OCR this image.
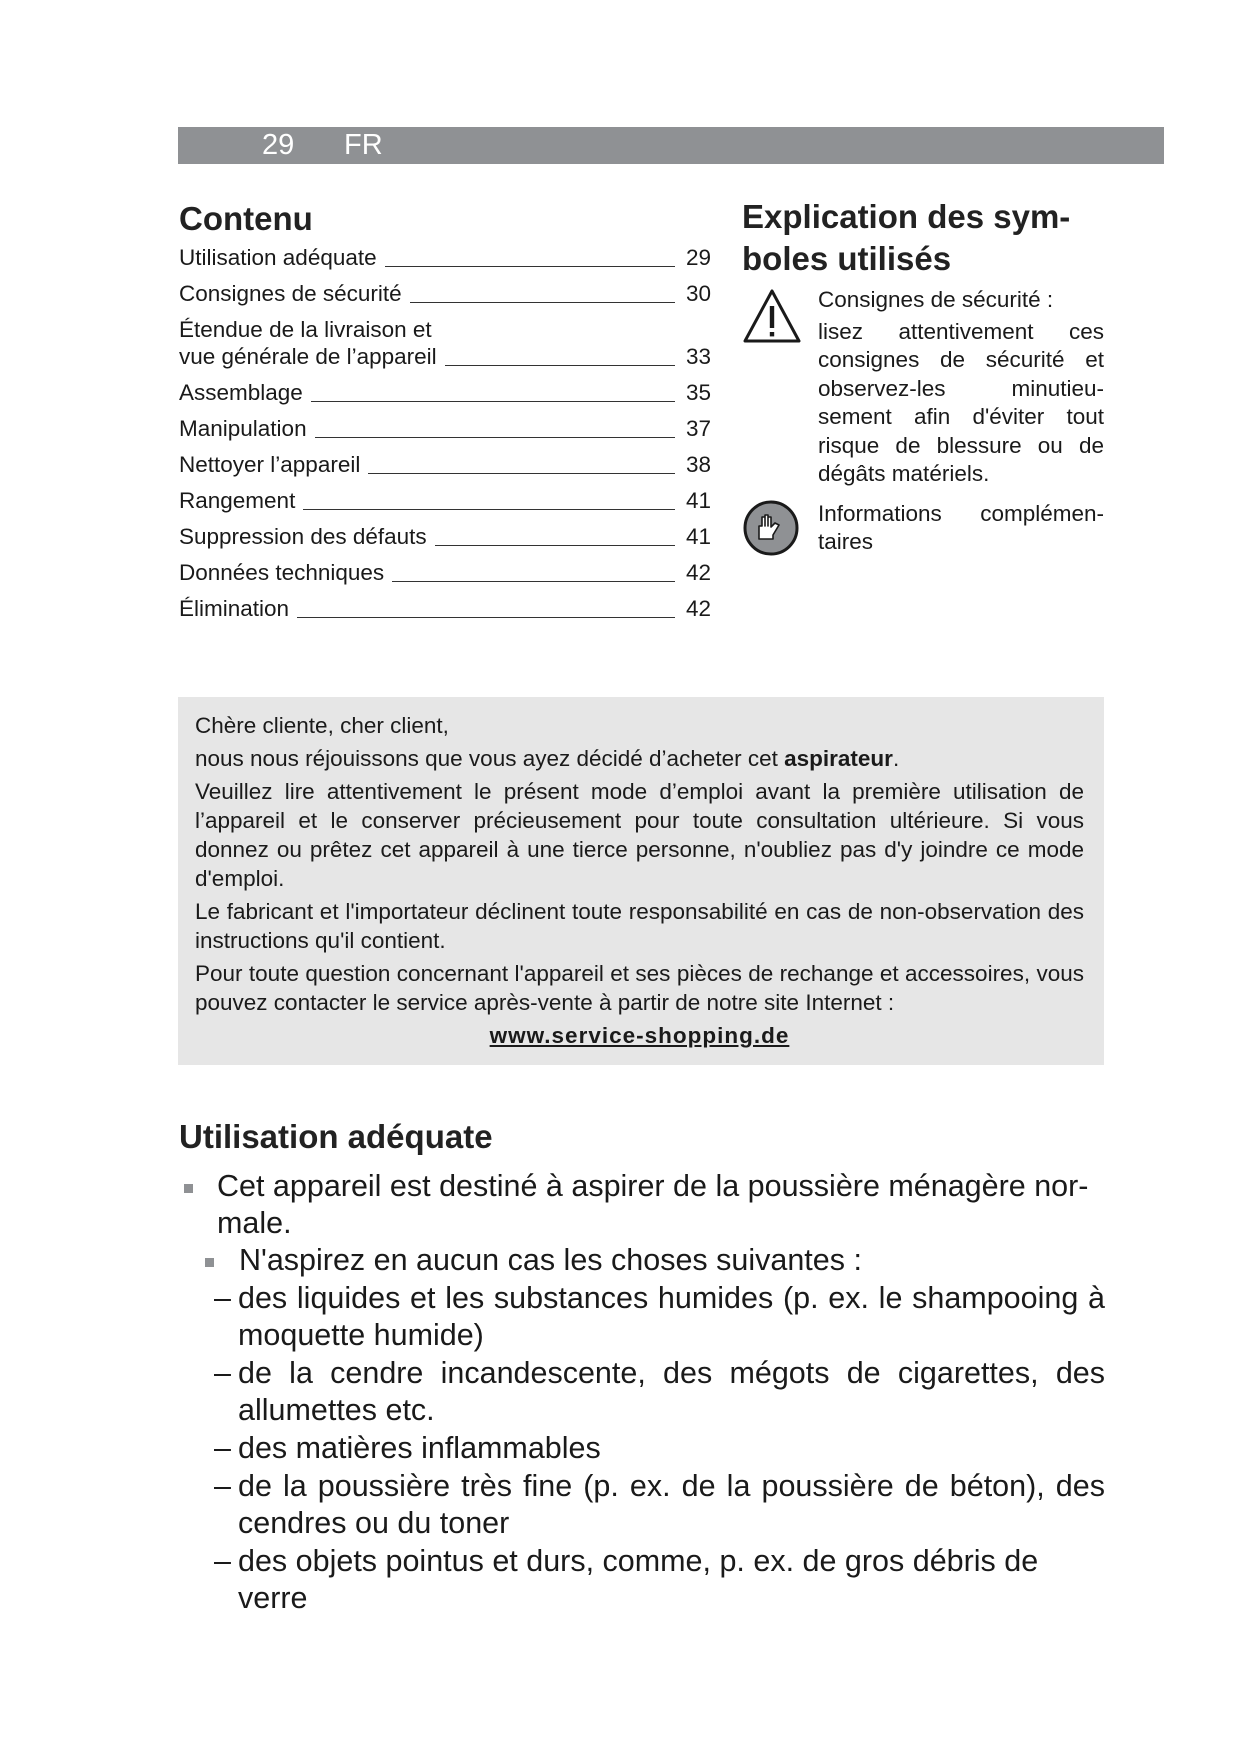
29 FR
Contenu
Utilisation adéquate	29
Consignes de sécurité	30
Étendue de la livraison et
vue générale de l’appareil	33
Assemblage	35
Manipulation	37
Nettoyer l’appareil	38
Rangement	41
Suppression des défauts	41
Données techniques	42
Élimination	42
Explication des sym-
boles utilisés
Consignes de sécurité :
lisez attentivement ces consignes de sécurité et observez-les minutieu-sement afin d'éviter tout risque de blessure ou de dégâts matériels.
Informations complémen-taires

Chère cliente, cher client,

nous nous réjouissons que vous ayez décidé d’acheter cet aspirateur.

Veuillez lire attentivement le présent mode d’emploi avant la première utilisation de l’appareil et le conserver précieusement pour toute consultation ultérieure. Si vous donnez ou prêtez cet appareil à une tierce personne, n'oubliez pas d'y joindre ce mode d'emploi.

Le fabricant et l'importateur déclinent toute responsabilité en cas de non-observation des instructions qu'il contient.

Pour toute question concernant l'appareil et ses pièces de rechange et accessoires, vous pouvez contacter le service après-vente à partir de notre site Internet :

www.service-shopping.de

Utilisation adéquate
Cet appareil est destiné à aspirer de la poussière ménagère nor-male.
N'aspirez en aucun cas les choses suivantes :
– des liquides et les substances humides (p. ex. le shampooing à moquette humide)
– de la cendre incandescente, des mégots de cigarettes, des allumettes etc.
– des matières inflammables
– de la poussière très fine (p. ex. de la poussière de béton), des cendres ou du toner
– des objets pointus et durs, comme, p. ex. de gros débris de verre
